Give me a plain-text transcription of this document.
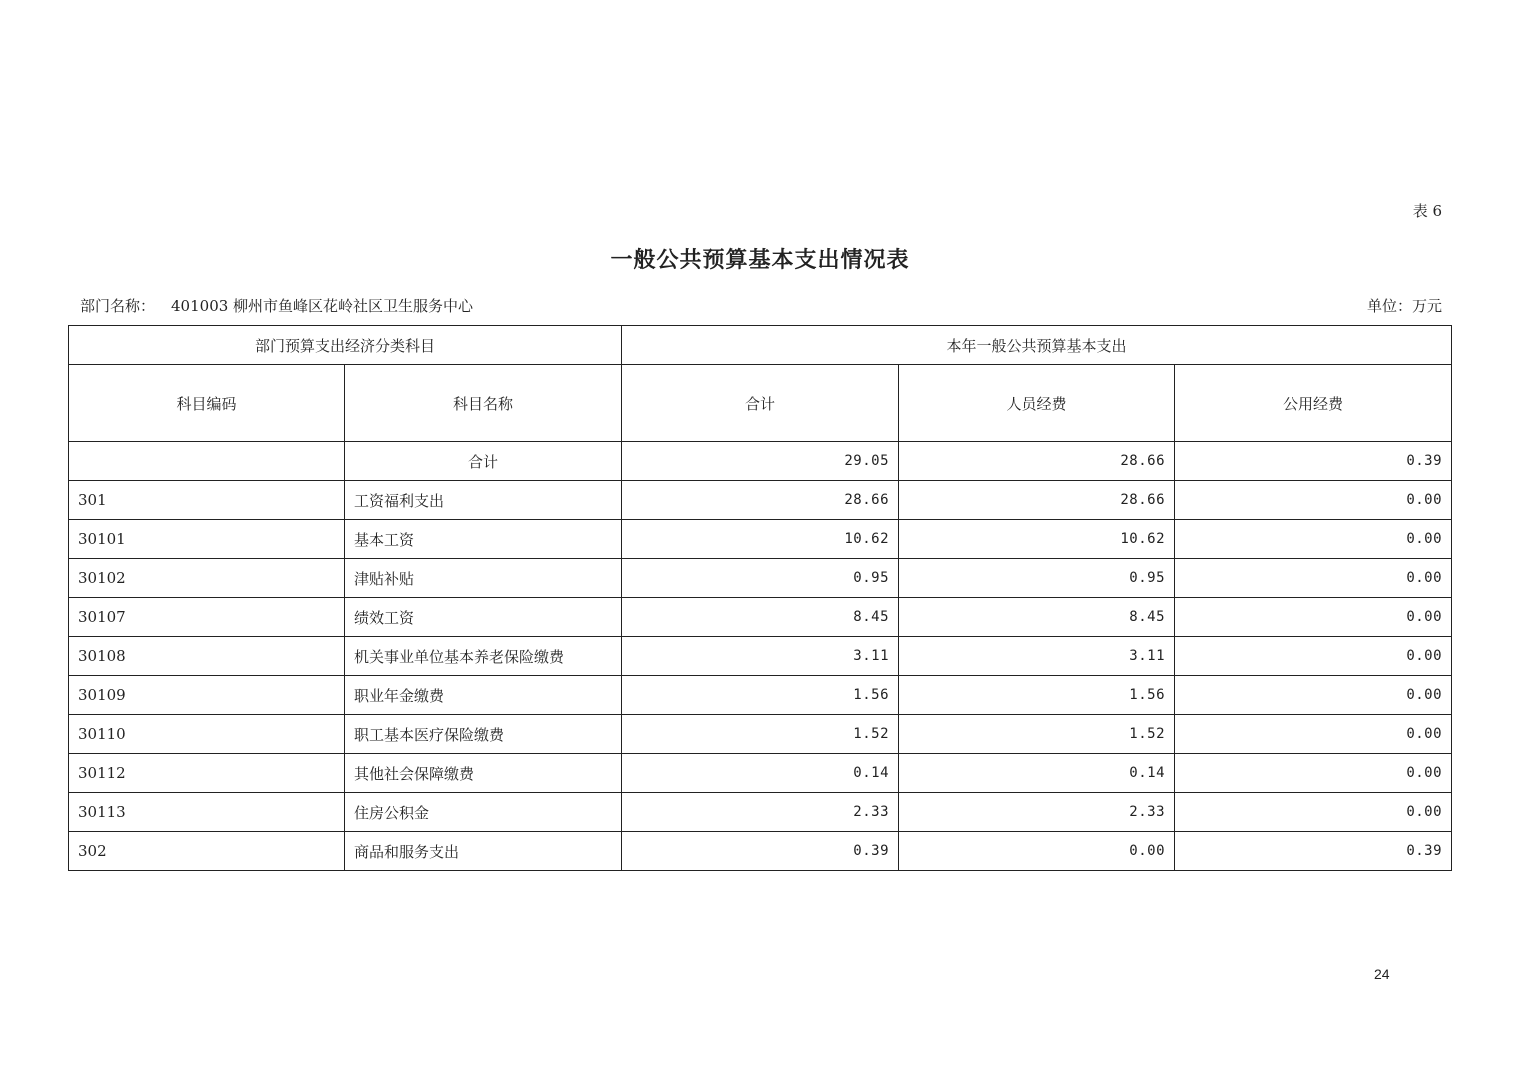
表 6
一般公共预算基本支出情况表
部门名称： 401003 柳州市鱼峰区花岭社区卫生服务中心	单位：万元
部门预算支出经济分类科目		本年一般公共预算基本支出		
科目编码	科目名称	合计	人员经费	公用经费
	合计	29.05	28.66	0.39
301	工资福利支出	28.66	28.66	0.00
30101	基本工资	10.62	10.62	0.00
30102	津贴补贴	0.95	0.95	0.00
30107	绩效工资	8.45	8.45	0.00
30108	机关事业单位基本养老保险缴费	3.11	3.11	0.00
30109	职业年金缴费	1.56	1.56	0.00
30110	职工基本医疗保险缴费	1.52	1.52	0.00
30112	其他社会保障缴费	0.14	0.14	0.00
30113	住房公积金	2.33	2.33	0.00
302	商品和服务支出	0.39	0.00	0.39
24
